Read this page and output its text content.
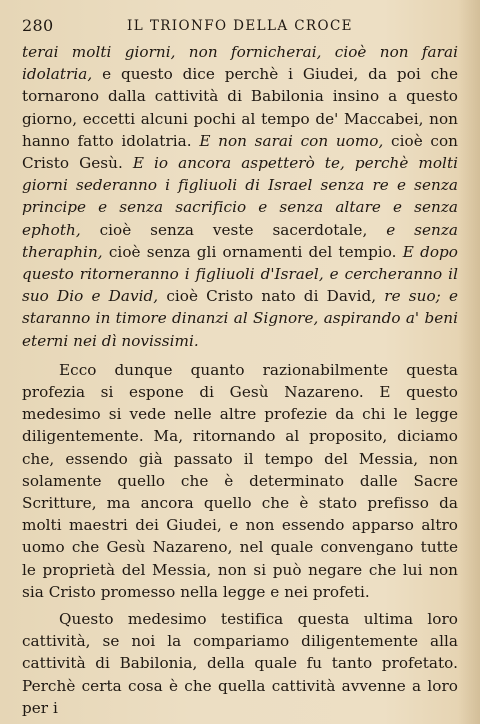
280	IL TRIONFO DELLA CROCE

terai molti giorni, non fornicherai, cioè non farai idolatria, e questo dice perchè i Giudei, da poi che tornarono dalla cattività di Babilonia insino a questo giorno, eccetti alcuni pochi al tempo de' Maccabei, non hanno fatto idolatria. E non sarai con uomo, cioè con Cristo Gesù. E io ancora aspetterò te, perchè molti giorni sederanno i figliuoli di Israel senza re e senza principe e senza sacrificio e senza altare e senza ephoth, cioè senza veste sacerdotale, e senza theraphin, cioè senza gli ornamenti del tempio. E dopo questo ritorneranno i figliuoli d'Israel, e cercheranno il suo Dio e David, cioè Cristo nato di David, re suo; e staranno in timore dinanzi al Signore, aspirando a' beni eterni nei dì novissimi.

Ecco dunque quanto razionabilmente questa profezia si espone di Gesù Nazareno. E questo medesimo si vede nelle altre profezie da chi le legge diligentemente. Ma, ritornando al proposito, diciamo che, essendo già passato il tempo del Messia, non solamente quello che è determinato dalle Sacre Scritture, ma ancora quello che è stato prefisso da molti maestri dei Giudei, e non essendo apparso altro uomo che Gesù Nazareno, nel quale convengano tutte le proprietà del Messia, non si può negare che lui non sia Cristo promesso nella legge e nei profeti.

Questo medesimo testifica questa ultima loro cattività, se noi la compariamo diligentemente alla cattività di Babilonia, della quale fu tanto profetato. Perchè certa cosa è che quella cattività avvenne a loro per i
